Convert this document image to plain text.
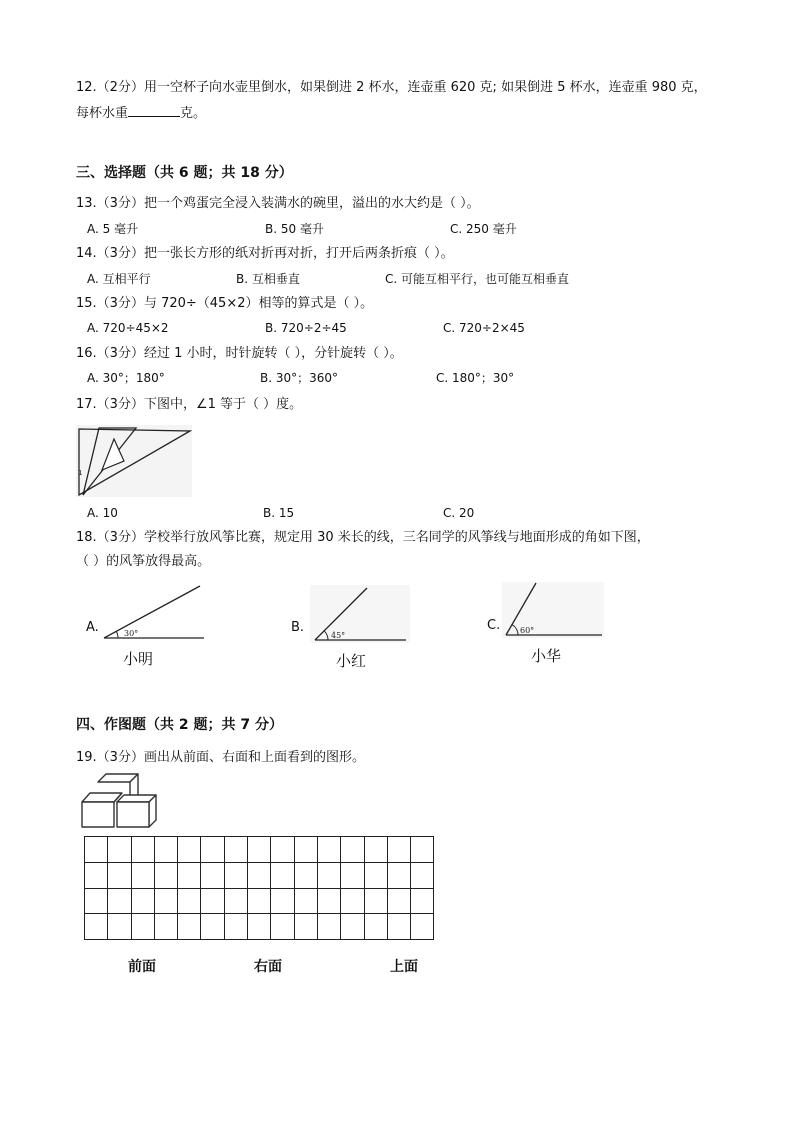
12.（2分）用一空杯子向水壶里倒水，如果倒进 2 杯水，连壶重 620 克; 如果倒进 5 杯水，连壶重 980 克，
每杯水重	克。
三、选择题（共 6 题；共 18 分）
13.（3分）把一个鸡蛋完全浸入装满水的碗里，溢出的水大约是（ ）。
A. 5 毫升	B. 50 毫升	C. 250 毫升
14.（3分）把一张长方形的纸对折再对折，打开后两条折痕（ ）。
A. 互相平行	B. 互相垂直	C. 可能互相平行，也可能互相垂直
15.（3分）与 720÷（45×2）相等的算式是（ ）。
A. 720÷45×2	B. 720÷2÷45	C. 720÷2×45
16.（3分）经过 1 小时，时针旋转（ ），分针旋转（ ）。
A. 30°；180°	B. 30°；360°	C. 180°；30°
17.（3分）下图中，∠1 等于（ ）度。
1
A. 10	B. 15	C. 20
18.（3分）学校举行放风筝比赛，规定用 30 米长的线，三名同学的风筝线与地面形成的角如下图，
（ ）的风筝放得最高。
A.	30°
小明
B.
45°
小红
C. 60°
小华
四、作图题（共 2 题；共 7 分）
19.（3分）画出从前面、右面和上面看到的图形。

前面	右面	上面
